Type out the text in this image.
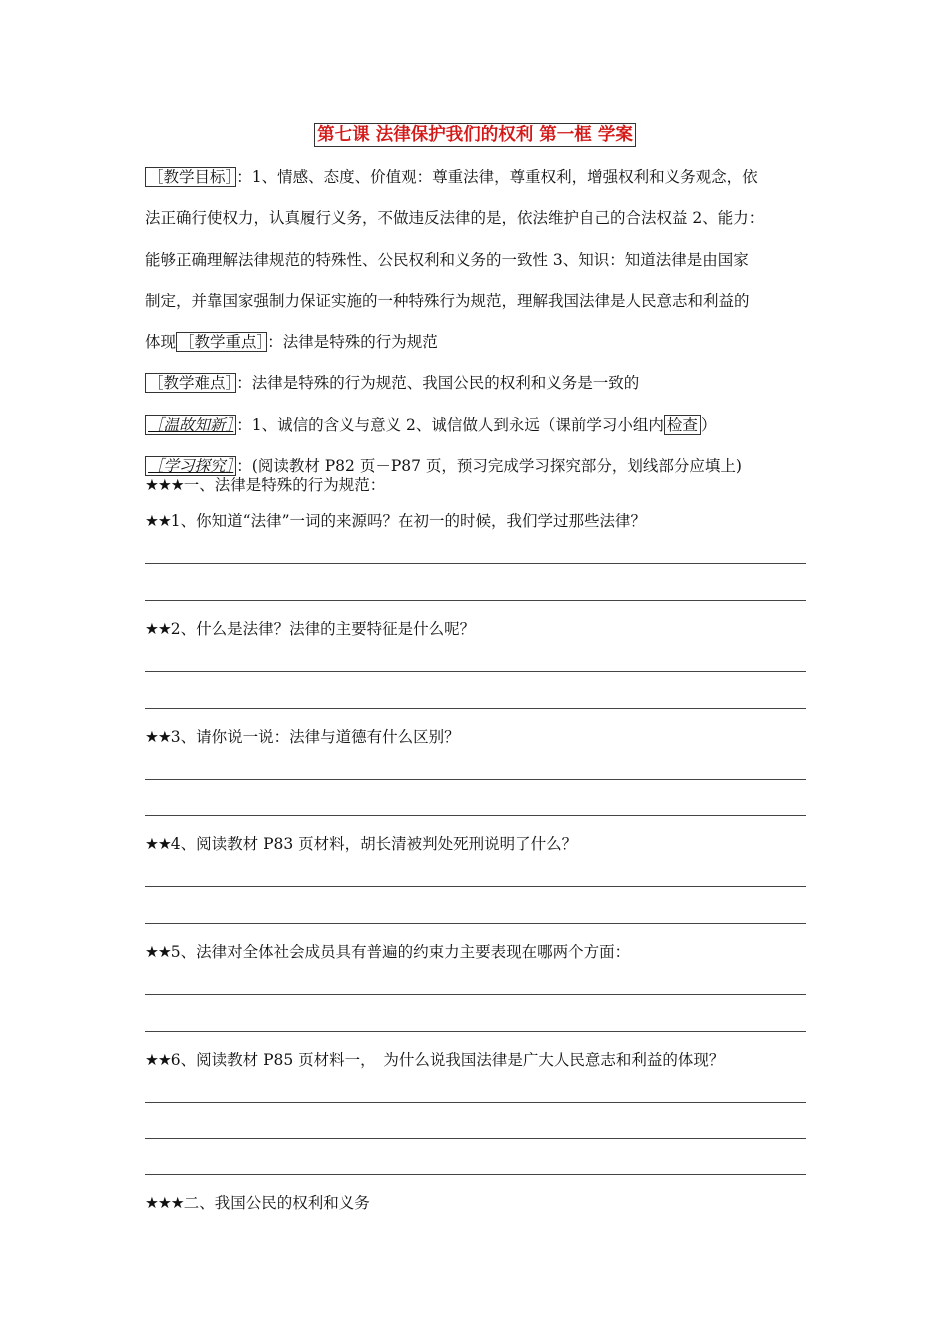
第七课 法律保护我们的权利 第一框 学案
［教学目标］ ：1、情感、态度、价值观：尊重法律，尊重权利，增强权利和义务观念，依
法正确行使权力，认真履行义务，不做违反法律的是，依法维护自己的合法权益 2、能力：
能够正确理解法律规范的特殊性、公民权利和义务的一致性 3、知识：知道法律是由国家
制定，并靠国家强制力保证实施的一种特殊行为规范，理解我国法律是人民意志和利益的
体现 ［教学重点］ ：法律是特殊的行为规范
［教学难点］ ：法律是特殊的行为规范、我国公民的权利和义务是一致的
［温故知新］ ：1、诚信的含义与意义 2、诚信做人到永远（课前学习小组内 检查 ）
［学习探究］ ：(阅读教材 P82 页－P87 页，预习完成学习探究部分，划线部分应填上)
★★★一、法律是特殊的行为规范：
★★1、你知道“法律”一词的来源吗？在初一的时候，我们学过那些法律？
★★2、什么是法律？法律的主要特征是什么呢？
★★3、请你说一说：法律与道德有什么区别？
★★4、阅读教材 P83 页材料，胡长清被判处死刑说明了什么？
★★5、法律对全体社会成员具有普遍的约束力主要表现在哪两个方面：
★★6、阅读教材 P85 页材料一，　为什么说我国法律是广大人民意志和利益的体现？
★★★二、我国公民的权利和义务
